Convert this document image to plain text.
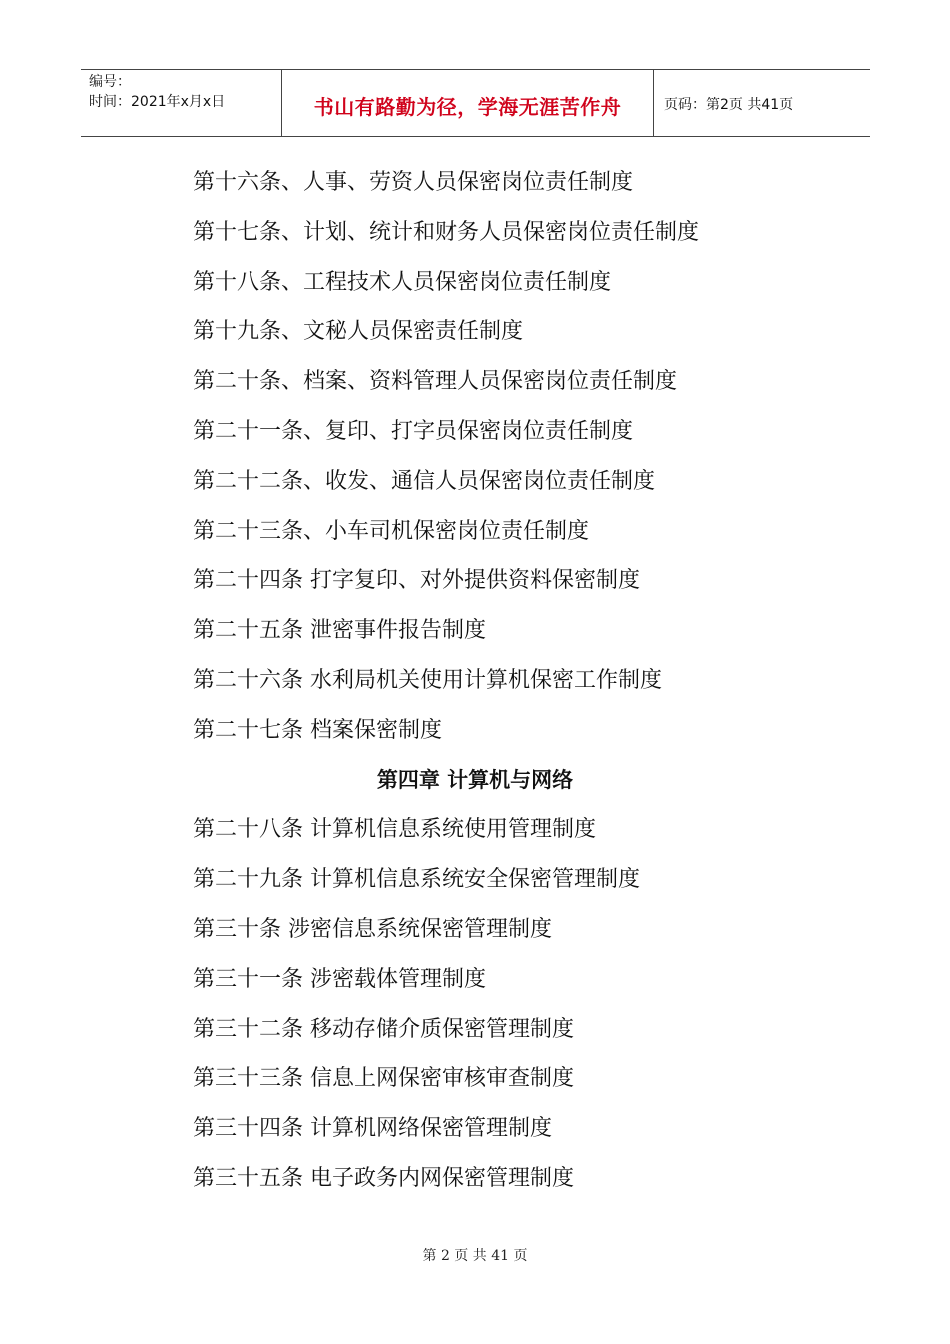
编号：
时间：2021年x月x日	书山有路勤为径，学海无涯苦作舟	页码：第2页 共41页
第十六条、人事、劳资人员保密岗位责任制度
第十七条、计划、统计和财务人员保密岗位责任制度
第十八条、工程技术人员保密岗位责任制度
第十九条、文秘人员保密责任制度
第二十条、档案、资料管理人员保密岗位责任制度
第二十一条、复印、打字员保密岗位责任制度
第二十二条、收发、通信人员保密岗位责任制度
第二十三条、小车司机保密岗位责任制度
第二十四条 打字复印、对外提供资料保密制度
第二十五条 泄密事件报告制度
第二十六条 水利局机关使用计算机保密工作制度
第二十七条 档案保密制度
第四章 计算机与网络
第二十八条 计算机信息系统使用管理制度
第二十九条 计算机信息系统安全保密管理制度
第三十条 涉密信息系统保密管理制度
第三十一条 涉密载体管理制度
第三十二条 移动存储介质保密管理制度
第三十三条 信息上网保密审核审查制度
第三十四条 计算机网络保密管理制度
第三十五条 电子政务内网保密管理制度
第 2 页 共 41 页
